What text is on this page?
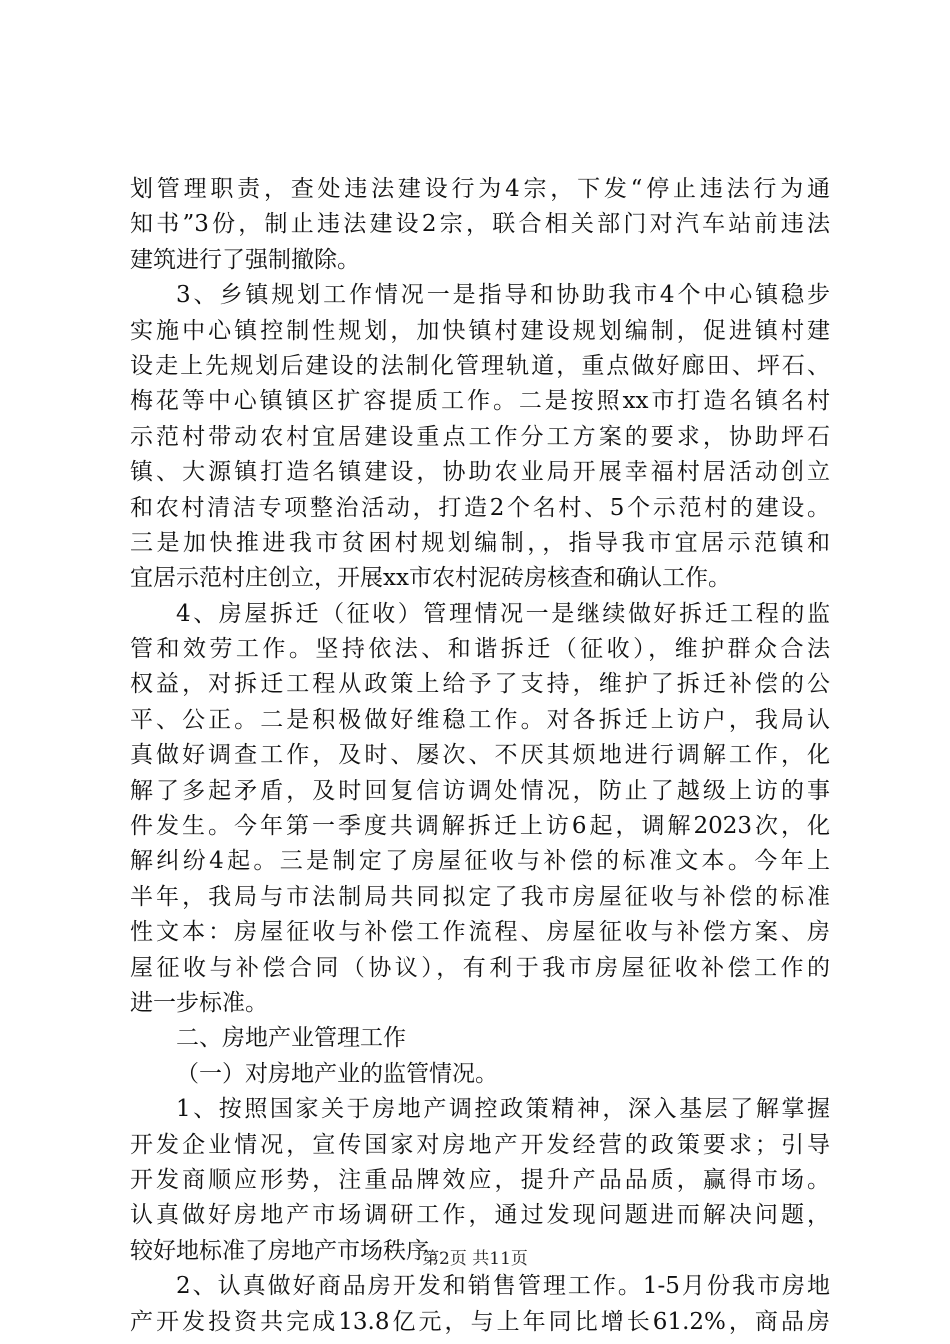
划管理职责，查处违法建设行为4宗，下发“停止违法行为通
知书”3份，制止违法建设2宗，联合相关部门对汽车站前违法
建筑进行了强制撤除。
3、乡镇规划工作情况一是指导和协助我市4个中心镇稳步
实施中心镇控制性规划，加快镇村建设规划编制，促进镇村建
设走上先规划后建设的法制化管理轨道，重点做好廊田、坪石、
梅花等中心镇镇区扩容提质工作。二是按照xx市打造名镇名村
示范村带动农村宜居建设重点工作分工方案的要求，协助坪石
镇、大源镇打造名镇建设，协助农业局开展幸福村居活动创立
和农村清洁专项整治活动，打造2个名村、5个示范村的建设。
三是加快推进我市贫困村规划编制，，指导我市宜居示范镇和
宜居示范村庄创立，开展xx市农村泥砖房核查和确认工作。
4、房屋拆迁（征收）管理情况一是继续做好拆迁工程的监
管和效劳工作。坚持依法、和谐拆迁（征收），维护群众合法
权益，对拆迁工程从政策上给予了支持，维护了拆迁补偿的公
平、公正。二是积极做好维稳工作。对各拆迁上访户，我局认
真做好调查工作，及时、屡次、不厌其烦地进行调解工作，化
解了多起矛盾，及时回复信访调处情况，防止了越级上访的事
件发生。今年第一季度共调解拆迁上访6起，调解2023次，化
解纠纷4起。三是制定了房屋征收与补偿的标准文本。今年上
半年，我局与市法制局共同拟定了我市房屋征收与补偿的标准
性文本：房屋征收与补偿工作流程、房屋征收与补偿方案、房
屋征收与补偿合同（协议），有利于我市房屋征收补偿工作的
进一步标准。
二、房地产业管理工作
（一）对房地产业的监管情况。
1、按照国家关于房地产调控政策精神，深入基层了解掌握
开发企业情况，宣传国家对房地产开发经营的政策要求；引导
开发商顺应形势，注重品牌效应，提升产品品质，赢得市场。
认真做好房地产市场调研工作，通过发现问题进而解决问题，
较好地标准了房地产市场秩序。
2、认真做好商品房开发和销售管理工作。1-5月份我市房地
产开发投资共完成13.8亿元，与上年同比增长61.2%，商品房
第2页 共11页
